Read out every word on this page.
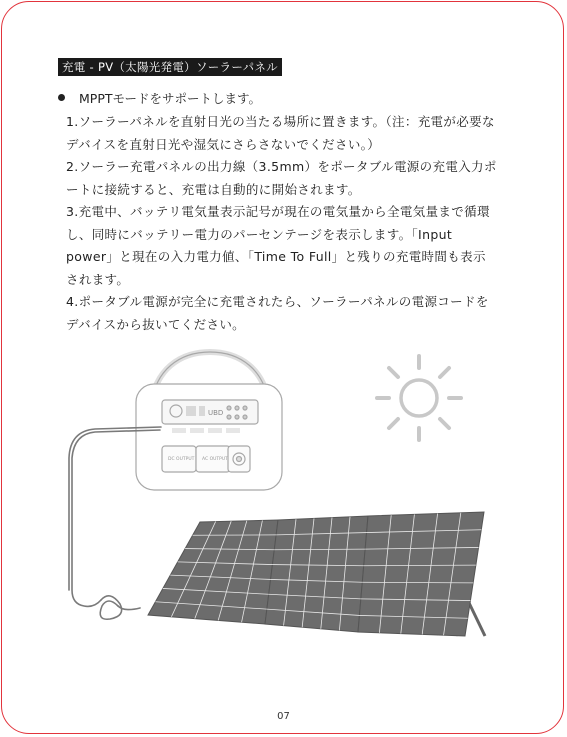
充電 - PV（太陽光発電）ソーラーパネル
MPPTモードをサポートします。

1.ソーラーパネルを直射日光の当たる場所に置きます。（注：充電が必要なデバイスを直射日光や湿気にさらさないでください。）

2.ソーラー充電パネルの出力線（3.5mm）をポータブル電源の充電入力ポートに接続すると、充電は自動的に開始されます。

3.充電中、バッテリ電気量表示記号が現在の電気量から全電気量まで循環し、同時にバッテリー電力のパーセンテージを表示します。「Input power」と現在の入力電力値、「Time To Full」と残りの充電時間も表示されます。

4.ポータブル電源が完全に充電されたら、ソーラーパネルの電源コードをデバイスから抜いてください。

UBD
DC OUTPUT AC OUTPUT
07
